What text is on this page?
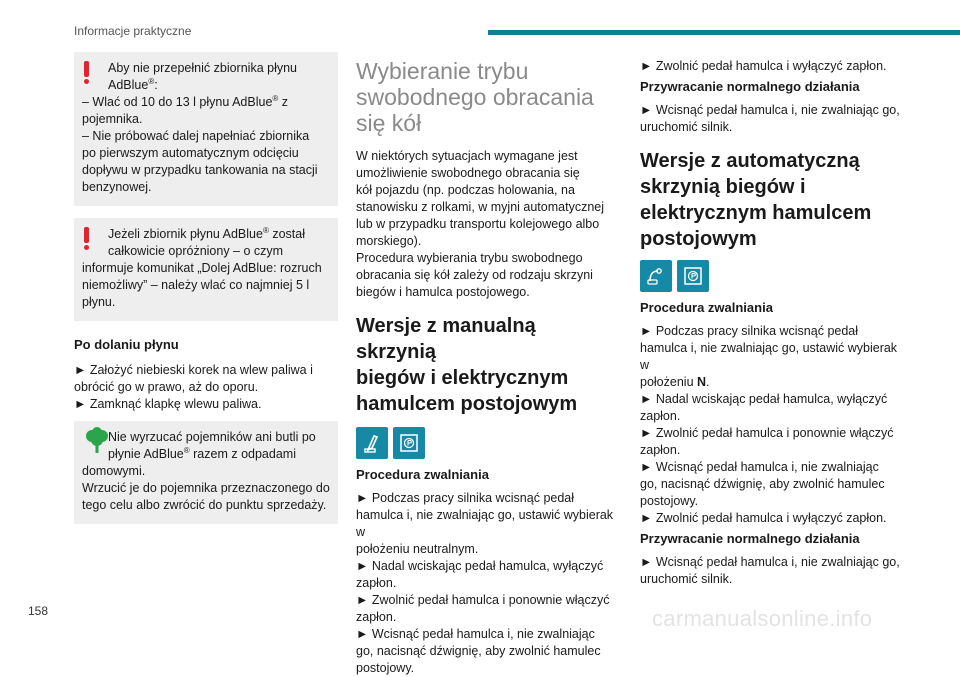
Informacje praktyczne
Aby nie przepełnić zbiornika płynu
AdBlue®:
– Wlać od 10 do 13 l płynu AdBlue® z
pojemnika.
– Nie próbować dalej napełniać zbiornika
po pierwszym automatycznym odcięciu
dopływu w przypadku tankowania na stacji
benzynowej.
Jeżeli zbiornik płynu AdBlue® został
całkowicie opróżniony – o czym
informuje komunikat „Dolej AdBlue: rozruch
niemożliwy” – należy wlać co najmniej 5 l
płynu.

Po dolaniu płynu

► Założyć niebieski korek na wlew paliwa i

obrócić go w prawo, aż do oporu.

► Zamknąć klapkę wlewu paliwa.

Nie wyrzucać pojemników ani butli po
płynie AdBlue® razem z odpadami
domowymi.
Wrzucić je do pojemnika przeznaczonego do
tego celu albo zwrócić do punktu sprzedaży.
Wybieranie trybu
swobodnego obracania
się kół

W niektórych sytuacjach wymagane jest

umożliwienie swobodnego obracania się

kół pojazdu (np. podczas holowania, na

stanowisku z rolkami, w myjni automatycznej

lub w przypadku transportu kolejowego albo

morskiego).

Procedura wybierania trybu swobodnego

obracania się kół zależy od rodzaju skrzyni

biegów i hamulca postojowego.

Wersje z manualną skrzynią
biegów i elektrycznym
hamulcem postojowym

Procedura zwalniania

► Podczas pracy silnika wcisnąć pedał

hamulca i, nie zwalniając go, ustawić wybierak w

położeniu neutralnym.

► Nadal wciskając pedał hamulca, wyłączyć

zapłon.

► Zwolnić pedał hamulca i ponownie włączyć

zapłon.

► Wcisnąć pedał hamulca i, nie zwalniając

go, nacisnąć dźwignię, aby zwolnić hamulec

postojowy.

► Zwolnić pedał hamulca i wyłączyć zapłon.

Przywracanie normalnego działania

► Wcisnąć pedał hamulca i, nie zwalniając go,

uruchomić silnik.

Wersje z automatyczną
skrzynią biegów i
elektrycznym hamulcem
postojowym

Procedura zwalniania

► Podczas pracy silnika wcisnąć pedał

hamulca i, nie zwalniając go, ustawić wybierak w

położeniu N.

► Nadal wciskając pedał hamulca, wyłączyć

zapłon.

► Zwolnić pedał hamulca i ponownie włączyć

zapłon.

► Wcisnąć pedał hamulca i, nie zwalniając

go, nacisnąć dźwignię, aby zwolnić hamulec

postojowy.

► Zwolnić pedał hamulca i wyłączyć zapłon.

Przywracanie normalnego działania

► Wcisnąć pedał hamulca i, nie zwalniając go,

uruchomić silnik.

158	carmanualsonline.info
